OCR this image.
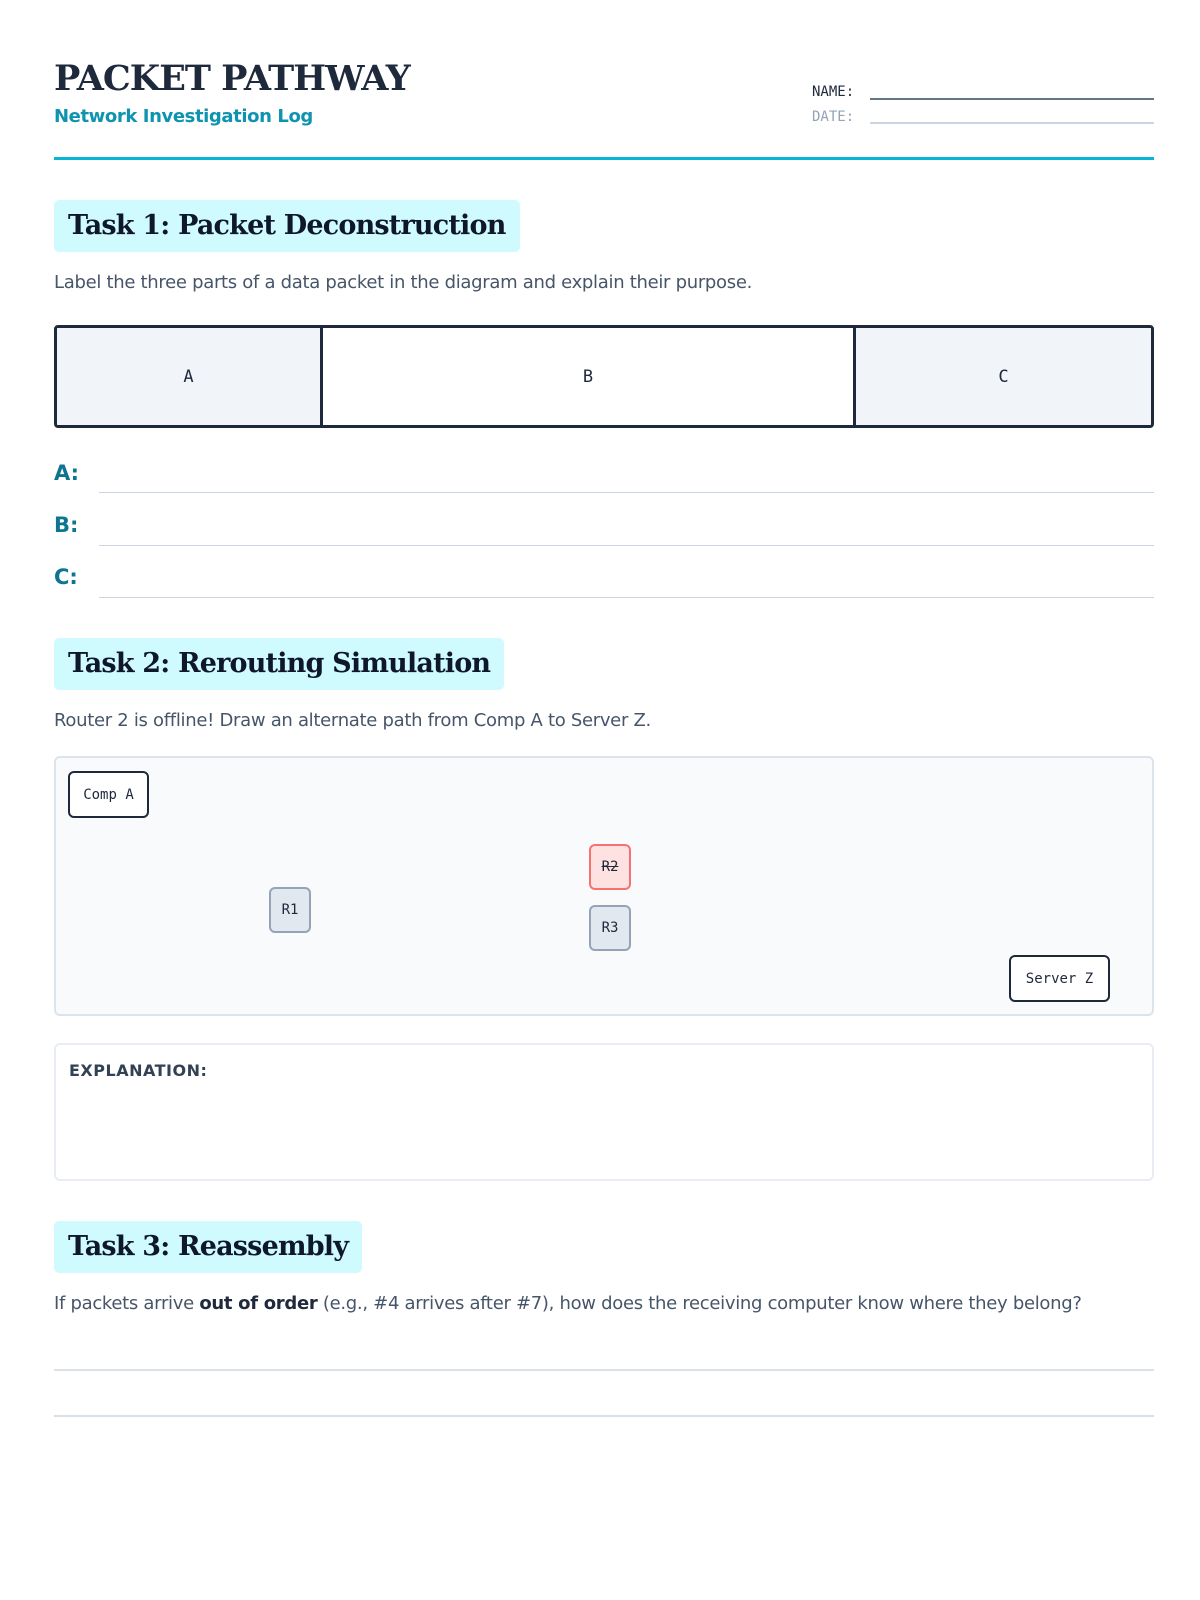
PACKET PATHWAY
Network Investigation Log
NAME:
DATE:
Task 1: Packet Deconstruction
Label the three parts of a data packet in the diagram and explain their purpose.
A	B	C
A:
B:
C:
Task 2: Rerouting Simulation
Router 2 is offline! Draw an alternate path from Comp A to Server Z.
Comp A
R1
R2
R3
Server Z
EXPLANATION:
Task 3: Reassembly
If packets arrive out of order (e.g., #4 arrives after #7), how does the receiving computer know where they belong?
